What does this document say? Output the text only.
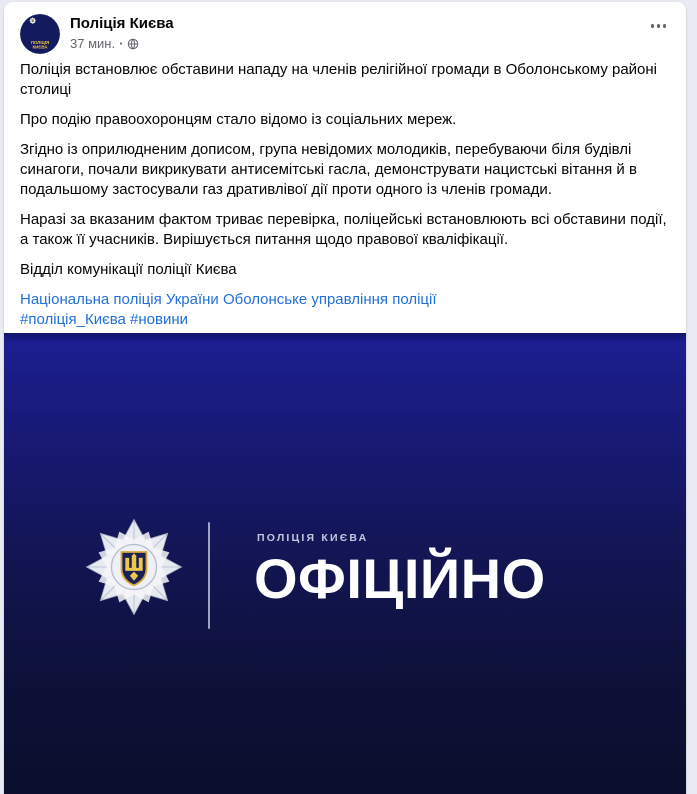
ПОЛІЦІЯ
КИЄВА
Поліція Києва
37 мин. ·

Поліція встановлює обставини нападу на членів релігійної громади в Оболонському районі столиці

Про подію правоохоронцям стало відомо із соціальних мереж.

Згідно із оприлюдненим дописом, група невідомих молодиків, перебуваючи біля будівлі синагоги, почали викрикувати антисемітські гасла, демонструвати нацистські вітання й в подальшому застосували газ дративлівої дії проти одного із членів громади.

Наразі за вказаним фактом триває перевірка, поліцейські встановлюють всі обставини події, а також її учасників. Вирішується питання щодо правової кваліфікації.

Відділ комунікації поліції Києва

Національна поліція України Оболонське управління поліції
#поліція_Києва #новини
ПОЛІЦІЯ КИЄВА
ОФІЦІЙНО
